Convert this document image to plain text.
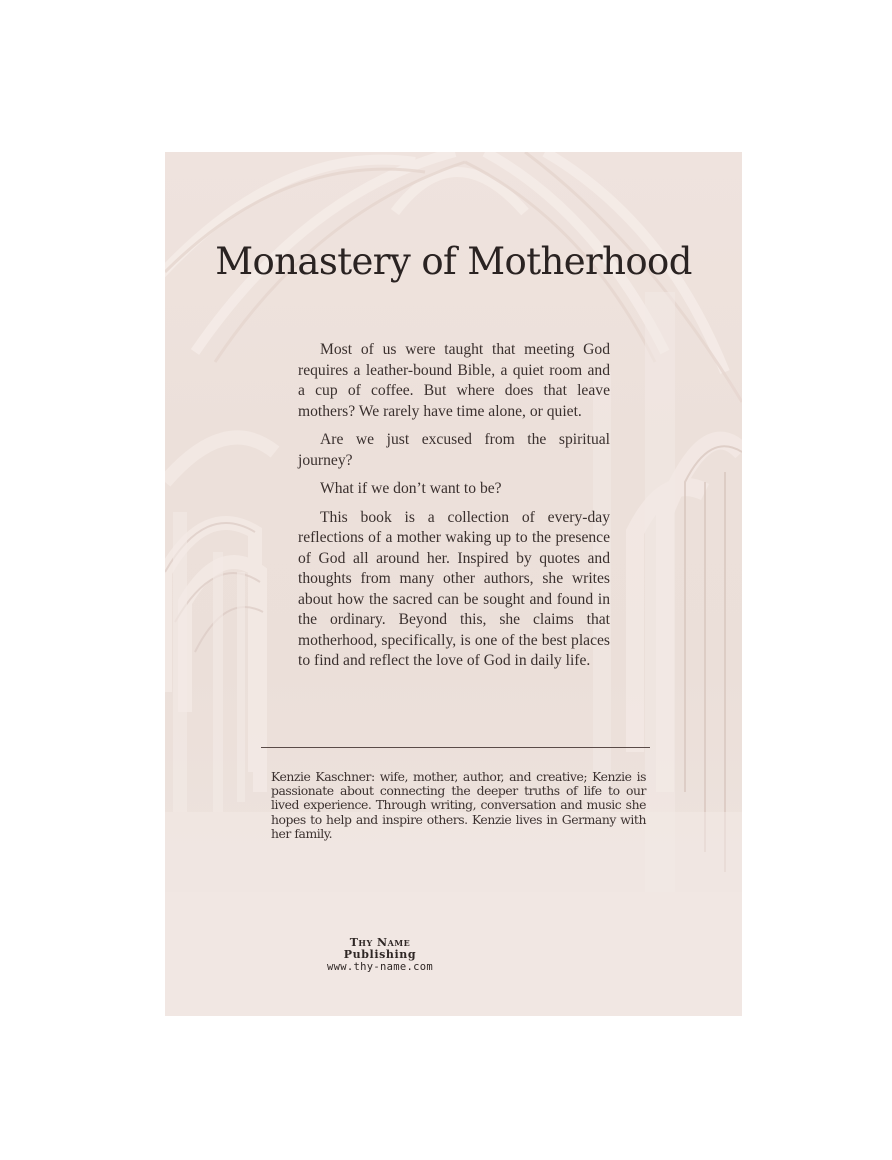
Monastery of Motherhood

Most of us were taught that meeting God requires a leather-bound Bible, a quiet room and a cup of coffee. But where does that leave mothers? We rarely have time alone, or quiet.

Are we just excused from the spiritual journey?

What if we don’t want to be?

This book is a collection of every-day reflections of a mother waking up to the presence of God all around her. Inspired by quotes and thoughts from many other authors, she writes about how the sacred can be sought and found in the ordinary. Beyond this, she claims that motherhood, specifically, is one of the best places to find and reflect the love of God in daily life.

Kenzie Kaschner: wife, mother, author, and creative; Kenzie is passionate about connecting the deeper truths of life to our lived experience. Through writing, conversation and music she hopes to help and inspire others. Kenzie lives in Germany with her family.

Thy Name

Publishing

www.thy-name.com
